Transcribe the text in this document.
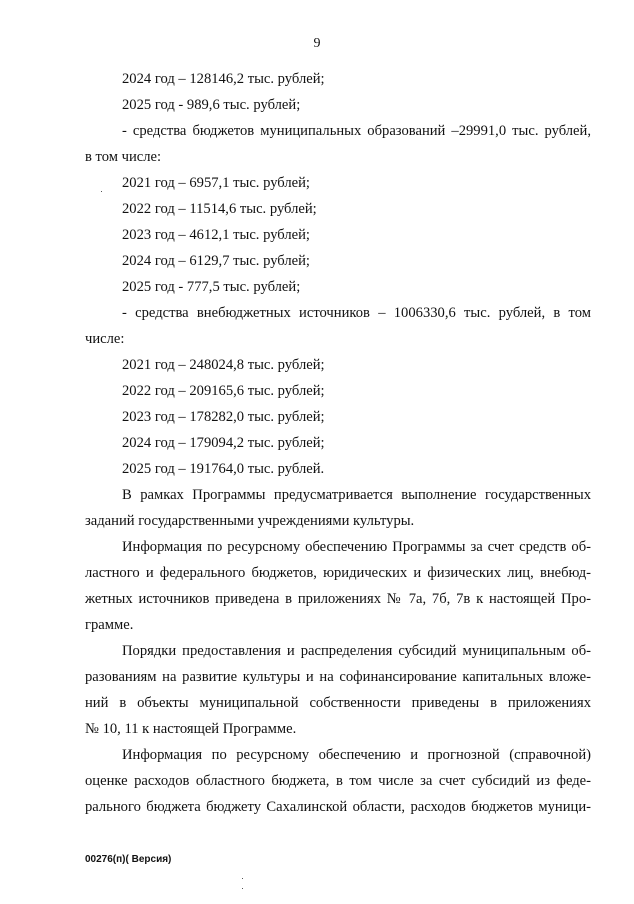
9
2024 год – 128146,2 тыс. рублей;
2025 год - 989,6 тыс. рублей;
- средства бюджетов муниципальных образований –29991,0 тыс. рублей,
в том числе:
2021 год – 6957,1 тыс. рублей;
2022 год – 11514,6 тыс. рублей;
2023 год – 4612,1 тыс. рублей;
2024 год – 6129,7 тыс. рублей;
2025 год - 777,5 тыс. рублей;
- средства внебюджетных источников – 1006330,6 тыс. рублей, в том
числе:
2021 год – 248024,8 тыс. рублей;
2022 год – 209165,6 тыс. рублей;
2023 год – 178282,0 тыс. рублей;
2024 год – 179094,2 тыс. рублей;
2025 год – 191764,0 тыс. рублей.
В рамках Программы предусматривается выполнение государственных
заданий государственными учреждениями культуры.
Информация по ресурсному обеспечению Программы за счет средств об-
ластного и федерального бюджетов, юридических и физических лиц, внебюд-
жетных источников приведена в приложениях № 7а, 7б, 7в к настоящей Про-
грамме.
Порядки предоставления и распределения субсидий муниципальным об-
разованиям на развитие культуры и на софинансирование капитальных вложе-
ний в объекты муниципальной собственности приведены в приложениях
№ 10, 11 к настоящей Программе.
Информация по ресурсному обеспечению и прогнозной (справочной)
оценке расходов областного бюджета, в том числе за счет субсидий из феде-
рального бюджета бюджету Сахалинской области, расходов бюджетов муници-
00276(п)( Версия)
